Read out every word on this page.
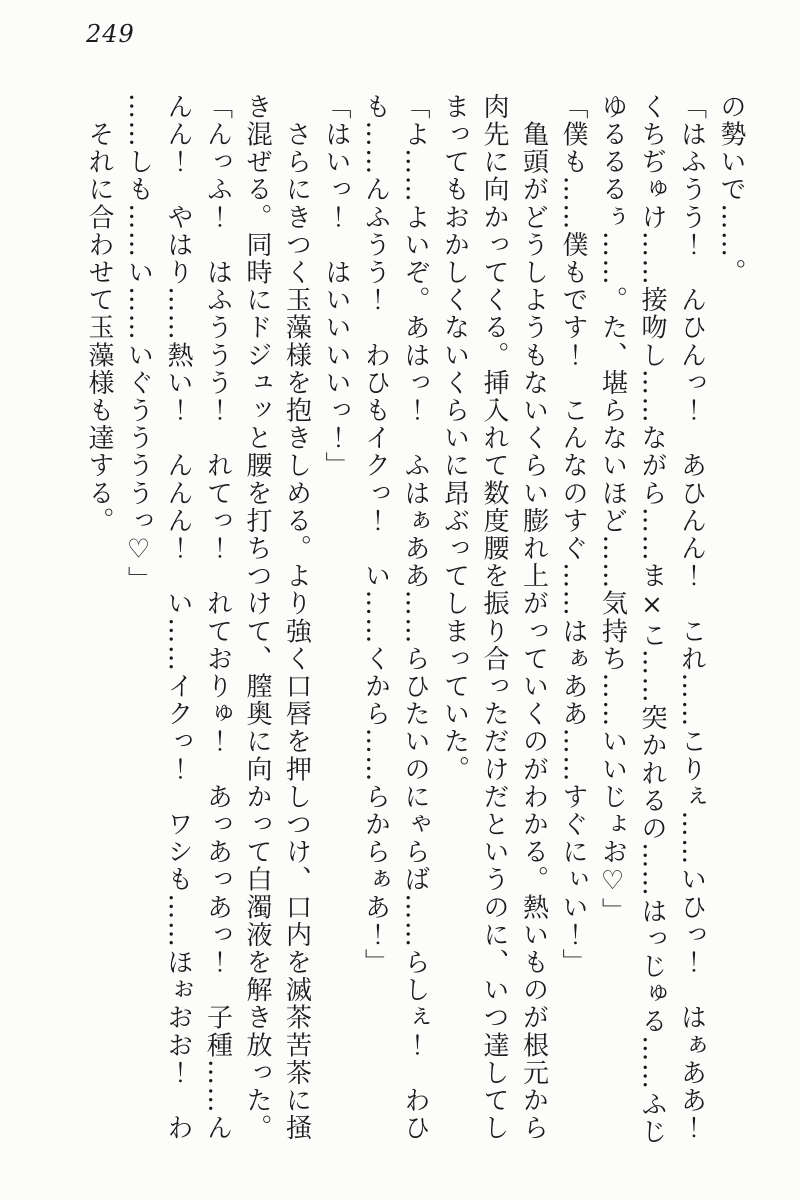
249
の勢いで……。
「はふうう！　んひんっ！　あひんん！　これ……こりぇ……いひっ！　はぁああ！
くちぢゅけ……接吻し……ながら……ま×こ……突かれるの……はっじゅる……ふじ
ゆるるるぅ……。た、堪らないほど……気持ち……いいじょお♡」
「僕も……僕もです！　こんなのすぐ……はぁああ……すぐにぃい！」
　亀頭がどうしようもないくらい膨れ上がっていくのがわかる。熱いものが根元から
肉先に向かってくる。挿入れて数度腰を振り合っただけだというのに、いつ達してし
まってもおかしくないくらいに昂ぶってしまっていた。
「よ……よいぞ。あはっ！　ふはぁああ……らひたいのにゃらば……らしぇ！　わひ
も……んふうう！　わひもイクっ！　い……くから……らからぁあ！」
「はいっ！　はいいいいっ！」
　さらにきつく玉藻様を抱きしめる。より強く口唇を押しつけ、口内を滅茶苦茶に掻
き混ぜる。同時にドジュッと腰を打ちつけて、膣奥に向かって白濁液を解き放った。
「んっふ！　はふううう！　れてっ！　れておりゅ！　あっあっあっ！　子種……ん
んん！　やはり……熱い！　んんん！　い……イクっ！　ワシも……ほぉおお！　わ
……しも……い……いぐううううっ♡」
　それに合わせて玉藻様も達する。
